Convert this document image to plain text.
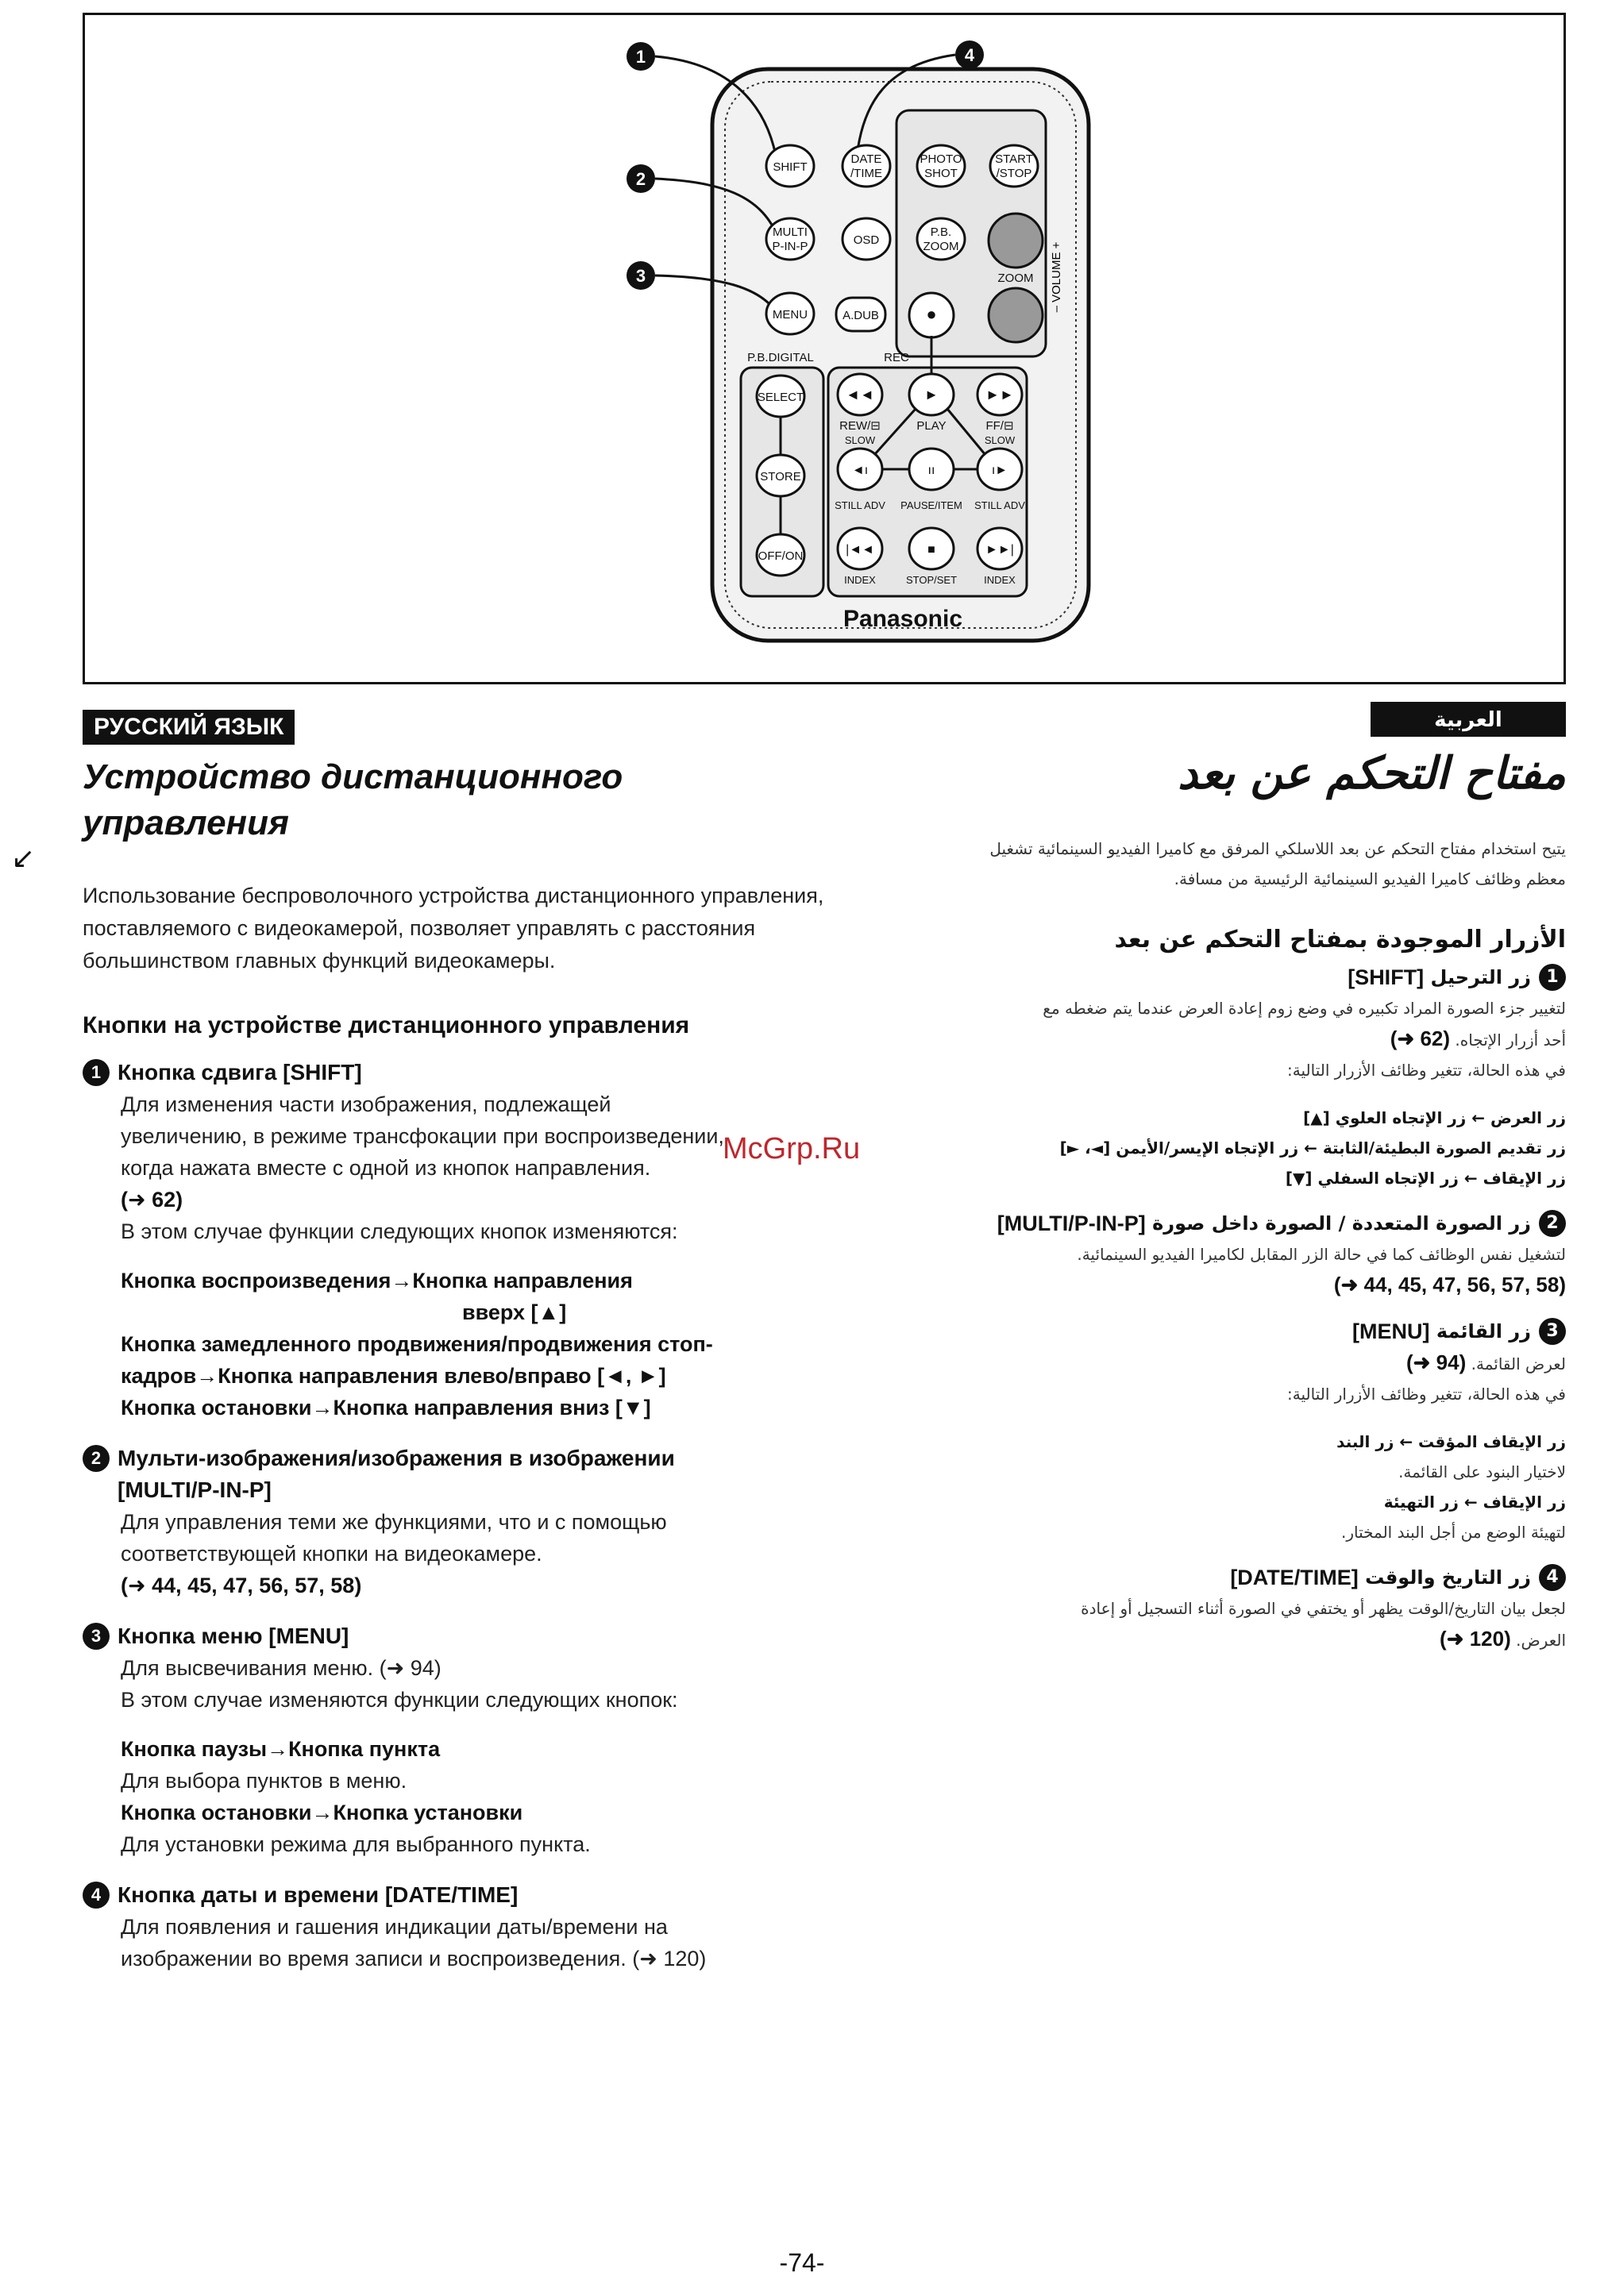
1	4
2
3
SHIFT
DATE
/TIME
PHOTO
SHOT
START
/STOP
MULTI
P-IN-P	OSD
P.B.
ZOOM
ZOOM
MENU	A.DUB	●
REC
P.B.DIGITAL
SELECT
STORE
OFF/ON
◄◄	►	►►
REW/⊟	PLAY	FF/⊟
SLOW	SLOW
◄ı	ıı	ı►
STILL ADV PAUSE/ITEM STILL ADV
|◄◄	■	►►|
INDEX	STOP/SET	INDEX
Panasonic
– VOLUME +
РУССКИЙ ЯЗЫК	العربية
↙
Устройство дистанционного
управления

Использование беспроволочного устройства дистанционного управления, поставляемого с видеокамерой, позволяет управлять с расстояния большинством главных функций видеокамеры.

Кнопки на устройстве дистанционного управления
1 Кнопка сдвига [SHIFT]
Для изменения части изображения, подлежащей
увеличению, в режиме трансфокации при воспроизведении,
когда нажата вместе с одной из кнопок направления.
(➜ 62)
В этом случае функции следующих кнопок изменяются:
Кнопка воспроизведения→Кнопка направления
вверх [▲]
Кнопка замедленного продвижения/продвижения стоп-
кадров→Кнопка направления влево/вправо [◄, ►]
Кнопка остановки→Кнопка направления вниз [▼]
2 Мульти-изображения/изображения в изображении
[MULTI/P-IN-P]
Для управления теми же функциями, что и с помощью
соответствующей кнопки на видеокамере.
(➜ 44, 45, 47, 56, 57, 58)
3 Кнопка меню [MENU]
Для высвечивания меню. (➜ 94)
В этом случае изменяются функции следующих кнопок:
Кнопка паузы→Кнопка пункта
Для выбора пунктов в меню.
Кнопка остановки→Кнопка установки
Для установки режима для выбранного пункта.
4 Кнопка даты и времени [DATE/TIME]
Для появления и гашения индикации даты/времени на
изображении во время записи и воспроизведения. (➜ 120)
مفتاح التحكم عن بعد
يتيح استخدام مفتاح التحكم عن بعد اللاسلكي المرفق مع كاميرا الفيديو السينمائية تشغيل
معظم وظائف كاميرا الفيديو السينمائية الرئيسية من مسافة.
الأزرار الموجودة بمفتاح التحكم عن بعد
1
زر الترحيل

[SHIFT]
لتغيير جزء الصورة المراد تكبيره في وضع زوم إعادة العرض عندما يتم ضغطه مع
أحد أزرار الإتجاه. (➜ 62)
في هذه الحالة، تتغير وظائف الأزرار التالية:
زر العرض ← زر الإتجاه العلوي [▲]
زر تقديم الصورة البطيئة/الثابتة ← زر الإتجاه الإيسر/الأيمن [◄، ►]
زر الإيقاف ← زر الإتجاه السفلي [▼]
2
زر الصورة المتعددة / الصورة داخل صورة

[MULTI/P-IN-P]
لتشغيل نفس الوظائف كما في حالة الزر المقابل لكاميرا الفيديو السينمائية.
(➜ 44, 45, 47, 56, 57, 58)
3
زر القائمة

[MENU]
لعرض القائمة. (➜ 94)
في هذه الحالة، تتغير وظائف الأزرار التالية:
زر الإيقاف المؤقت ← زر البند
لاختيار البنود على القائمة.
زر الإيقاف ← زر التهيئة
لتهيئة الوضع من أجل البند المختار.
4
زر التاريخ والوقت

[DATE/TIME]
لجعل بيان التاريخ/الوقت يظهر أو يختفي في الصورة أثناء التسجيل أو إعادة
العرض. (➜ 120)
McGrp.Ru
-74-
